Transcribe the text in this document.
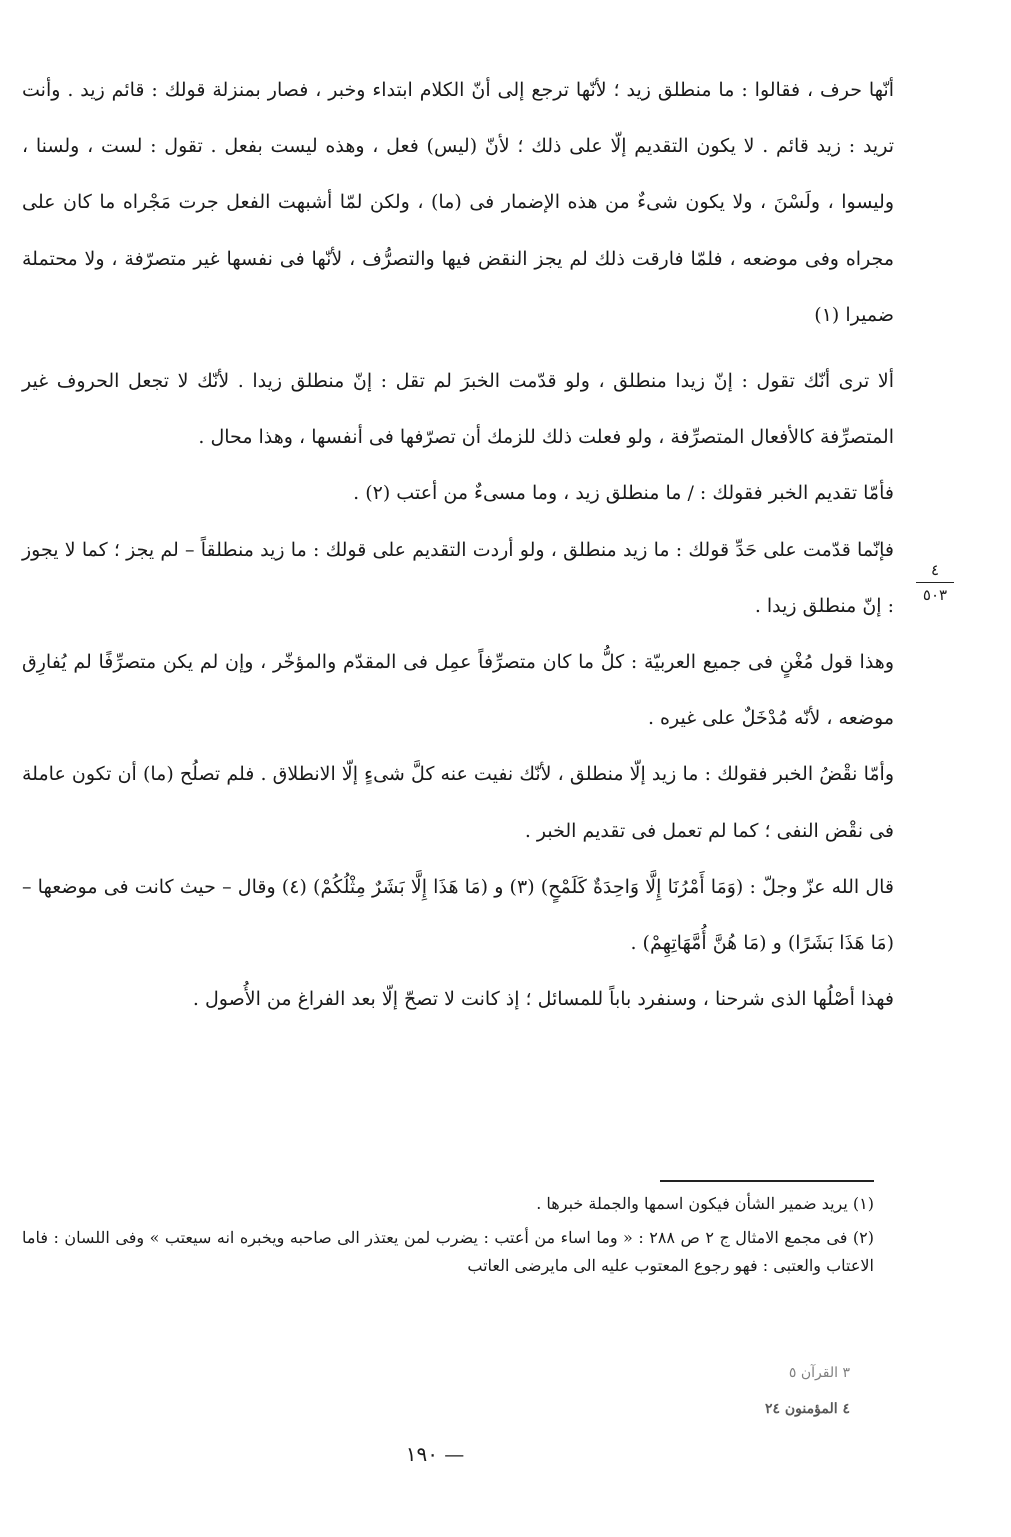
أنّها حرف ، فقالوا : ما منطلق زيد ؛ لأنّها ترجع إلى أنّ الكلام ابتداء وخبر ، فصار بمنزلة قولك : قائم زيد . وأنت تريد : زيد قائم . لا يكون التقديم إلّا على ذلك ؛ لأنّ (ليس) فعل ، وهذه ليست بفعل . تقول : لست ، ولسنا ، وليسوا ، ولَسْنَ ، ولا يكون شىءٌ من هذه الإضمار فى (ما) ، ولكن لمّا أشبهت الفعل جرت مَجْراه ما كان على مجراه وفى موضعه ، فلمّا فارقت ذلك لم يجز النقض فيها والتصرُّف ، لأنّها فى نفسها غير متصرّفة ، ولا محتملة ضميرا (١)

ألا ترى أنّك تقول : إنّ زيدا منطلق ، ولو قدّمت الخبرَ لم تقل : إنّ منطلق زيدا . لأنّك لا تجعل الحروف غير المتصرِّفة كالأفعال المتصرِّفة ، ولو فعلت ذلك للزمك أن تصرّفها فى أنفسها ، وهذا محال .

فأمّا تقديم الخبر فقولك : / ما منطلق زيد ، وما مسىءٌ من أعتب (٢) .

فإنّما قدّمت على حَدِّ قولك : ما زيد منطلق ، ولو أردت التقديم على قولك : ما زيد منطلقاً – لم يجز ؛ كما لا يجوز : إنّ منطلق زيدا .

وهذا قول مُغْنٍ فى جميع العربيّة : كلُّ ما كان متصرِّفاً عمِل فى المقدّم والمؤخّر ، وإن لم يكن متصرِّفًا لم يُفارِق موضعه ، لأنّه مُدْخَلٌ على غيره .

وأمّا نقْضُ الخبر فقولك : ما زيد إلّا منطلق ، لأنّك نفيت عنه كلَّ شىءٍ إلّا الانطلاق . فلم تصلُح (ما) أن تكون عاملة فى نقْض النفى ؛ كما لم تعمل فى تقديم الخبر .

قال الله عزّ وجلّ : (وَمَا أَمْرُنَا إِلَّا وَاحِدَةٌ كَلَمْحٍ) (٣) و (مَا هَذَا إِلَّا بَشَرٌ مِثْلُكُمْ) (٤) وقال – حيث كانت فى موضعها – (مَا هَذَا بَشَرًا) و (مَا هُنَّ أُمَّهَاتِهِمْ) .

فهذا أصْلُها الذى شرحنا ، وسنفرد باباً للمسائل ؛ إذ كانت لا تصحّ إلّا بعد الفراغ من الأُصول .

٤
٥٠٣

(١) يريد ضمير الشأن فيكون اسمها والجملة خبرها .

(٢) فى مجمع الامثال ج ٢ ص ٢٨٨ : « وما اساء من أعتب : يضرب لمن يعتذر الى صاحبه ويخبره انه سيعتب » وفى اللسان : فاما الاعتاب والعتبى : فهو رجوع المعتوب عليه الى مايرضى العاتب

٣ القرآن ٥
٤ المؤمنون ٢٤
— ١٩٠
